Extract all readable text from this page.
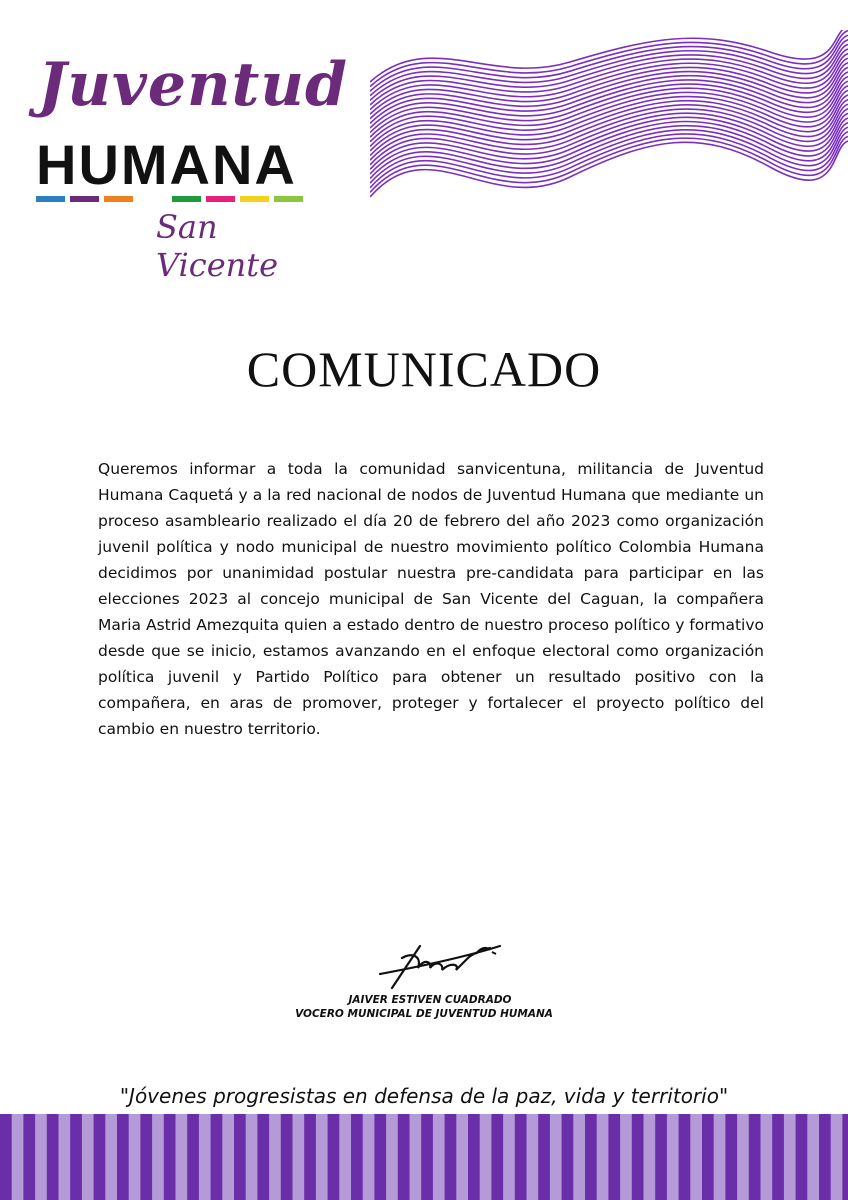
Juventud
HUMANA
San Vicente
COMUNICADO
Queremos informar a toda la comunidad sanvicentuna, militancia de Juventud Humana Caquetá y a la red nacional de nodos de Juventud Humana que mediante un proceso asambleario realizado el día 20 de febrero del año 2023 como organización juvenil política y nodo municipal de nuestro movimiento político Colombia Humana decidimos por unanimidad postular nuestra pre-candidata para participar en las elecciones 2023 al concejo municipal de San Vicente del Caguan, la compañera Maria Astrid Amezquita quien a estado dentro de nuestro proceso político y formativo desde que se inicio, estamos avanzando en el enfoque electoral como organización política juvenil y Partido Político para obtener un resultado positivo con la compañera, en aras de promover, proteger y fortalecer el proyecto político del cambio en nuestro territorio.
JAIVER ESTIVEN CUADRADO
VOCERO MUNICIPAL DE JUVENTUD HUMANA
"Jóvenes progresistas en defensa de la paz, vida y territorio"
